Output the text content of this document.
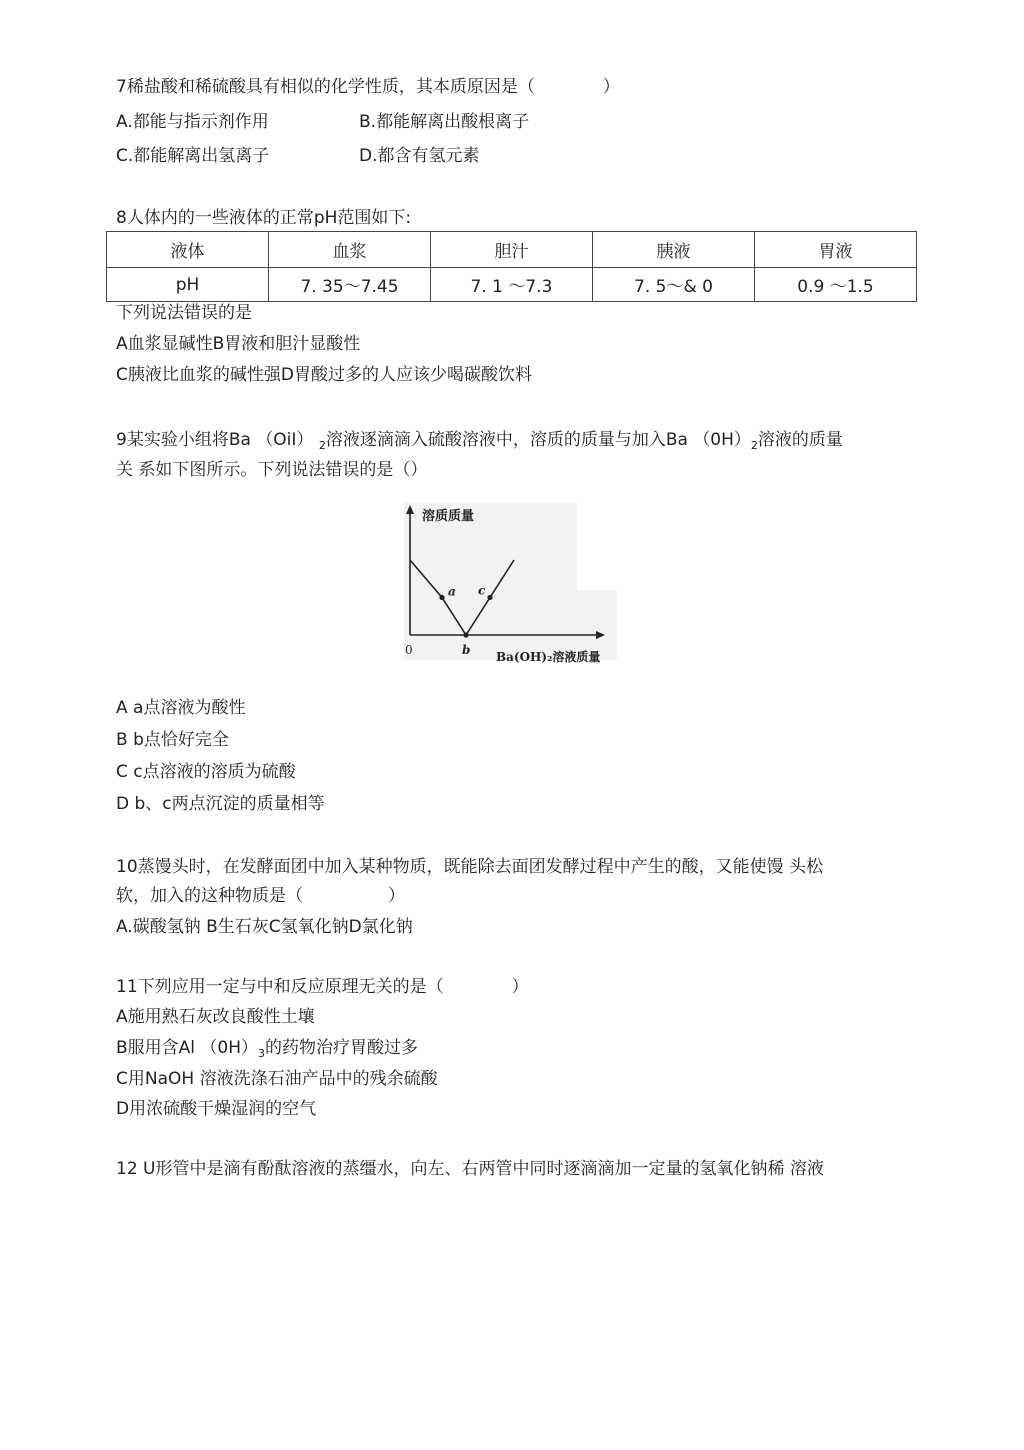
7稀盐酸和稀硫酸具有相似的化学性质，其本质原因是（　　　　）
A.都能与指示剂作用	B.都能解离出酸根离子
C.都能解离出氢离子	D.都含有氢元素
8人体内的一些液体的正常pH范围如下:
液体	血浆	胆汁	胰液	胃液
pH	7. 35～7.45	7. 1 ～7.3	7. 5～& 0	0.9 ～1.5
下列说法错误的是
A血浆显碱性B胃液和胆汁显酸性
C胰液比血浆的碱性强D胃酸过多的人应该少喝碳酸饮料
9某实验小组将Ba （OiI） $_2$溶液逐滴滴入硫酸溶液中，溶质的质量与加入Ba $(0H)_2$溶液的质量
关 系如下图所示。下列说法错误的是（）
溶质质量
Ba(OH)₂溶液质量
0
a
b
c
A a点溶液为酸性
B b点恰好完全
C c点溶液的溶质为硫酸
D b、c两点沉淀的质量相等
10蒸馒头时，在发酵面团中加入某种物质，既能除去面团发酵过程中产生的酸，又能使馒 头松
软，加入的这种物质是（　　　　　）
A.碳酸氢钠 B生石灰C氢氧化钠D氯化钠
11下列应用一定与中和反应原理无关的是（　　　　）
A施用熟石灰改良酸性土壤
B服用含Al $(0H)_3$的药物治疗胃酸过多
C用NaOH 溶液洗涤石油产品中的残余硫酸
D用浓硫酸干燥湿润的空气
12 U形管中是滴有酚酞溶液的蒸缰水，向左、右两管中同时逐滴滴加一定量的氢氧化钠稀 溶液
